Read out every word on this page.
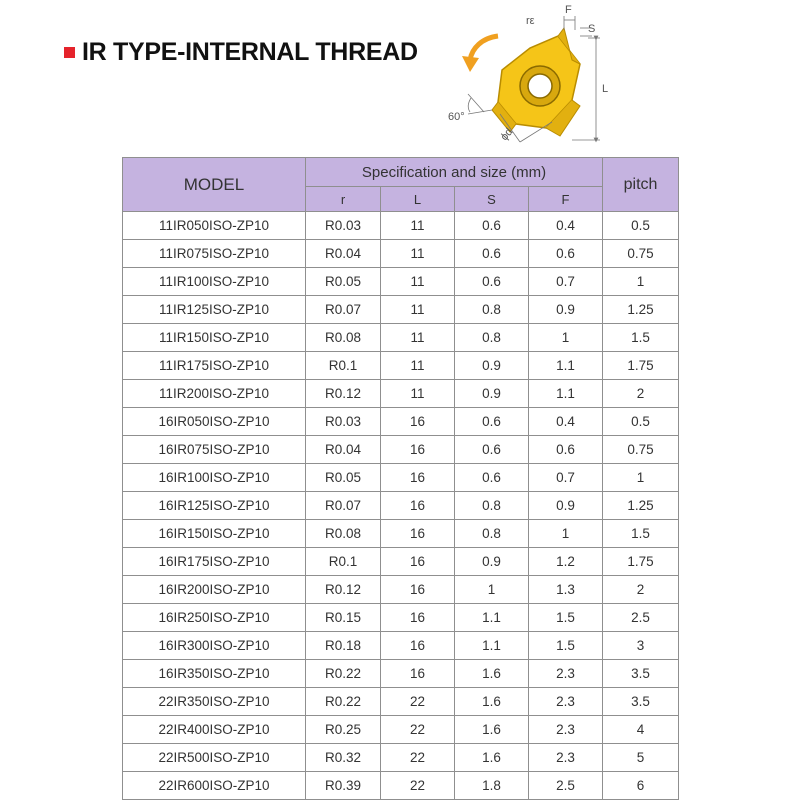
IR TYPE-INTERNAL THREAD
rε
F
S
L
60°
ϕd
MODEL	Specification and size (mm)				pitch
	r	L	S	F	
11IR050ISO-ZP10	R0.03	11	0.6	0.4	0.5
11IR075ISO-ZP10	R0.04	11	0.6	0.6	0.75
11IR100ISO-ZP10	R0.05	11	0.6	0.7	1
11IR125ISO-ZP10	R0.07	11	0.8	0.9	1.25
11IR150ISO-ZP10	R0.08	11	0.8	1	1.5
11IR175ISO-ZP10	R0.1	11	0.9	1.1	1.75
11IR200ISO-ZP10	R0.12	11	0.9	1.1	2
16IR050ISO-ZP10	R0.03	16	0.6	0.4	0.5
16IR075ISO-ZP10	R0.04	16	0.6	0.6	0.75
16IR100ISO-ZP10	R0.05	16	0.6	0.7	1
16IR125ISO-ZP10	R0.07	16	0.8	0.9	1.25
16IR150ISO-ZP10	R0.08	16	0.8	1	1.5
16IR175ISO-ZP10	R0.1	16	0.9	1.2	1.75
16IR200ISO-ZP10	R0.12	16	1	1.3	2
16IR250ISO-ZP10	R0.15	16	1.1	1.5	2.5
16IR300ISO-ZP10	R0.18	16	1.1	1.5	3
16IR350ISO-ZP10	R0.22	16	1.6	2.3	3.5
22IR350ISO-ZP10	R0.22	22	1.6	2.3	3.5
22IR400ISO-ZP10	R0.25	22	1.6	2.3	4
22IR500ISO-ZP10	R0.32	22	1.6	2.3	5
22IR600ISO-ZP10	R0.39	22	1.8	2.5	6
